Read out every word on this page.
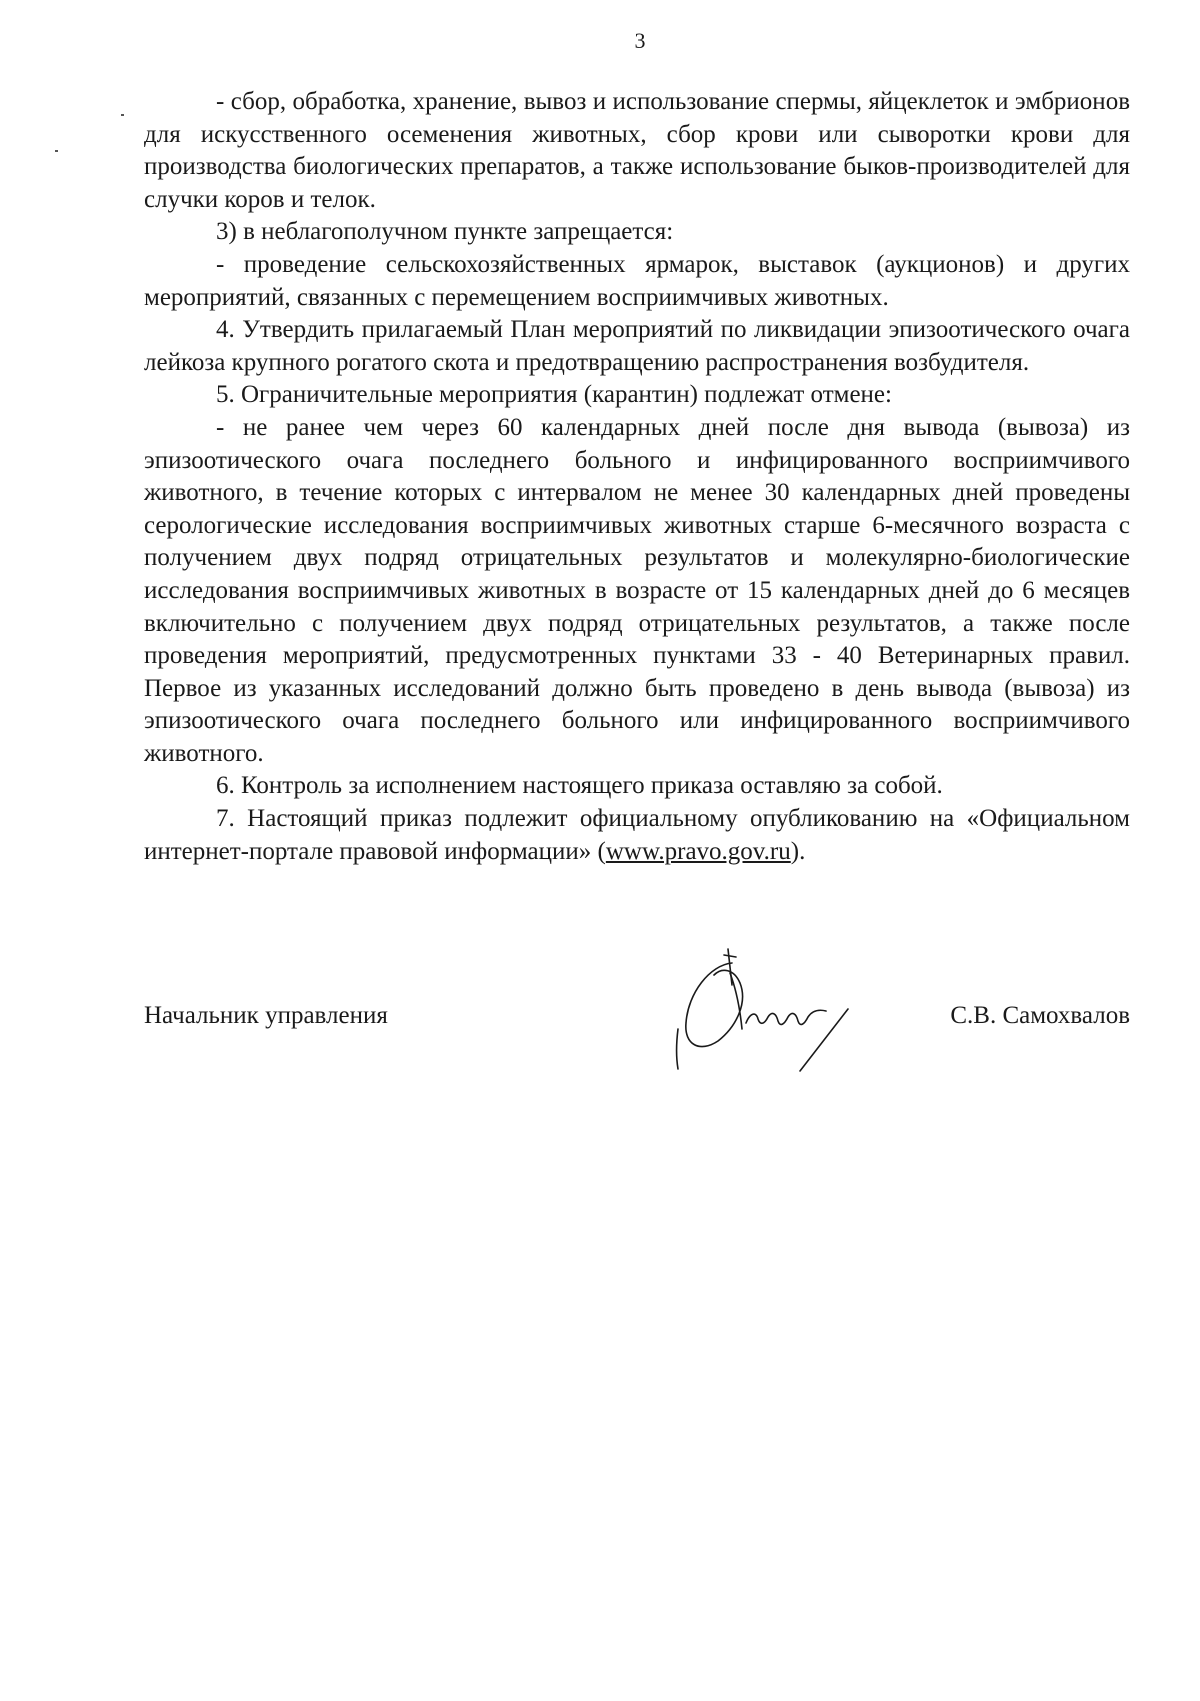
3

- сбор, обработка, хранение, вывоз и использование спермы, яйцеклеток и эмбрионов для искусственного осеменения животных, сбор крови или сыворотки крови для производства биологических препаратов, а также использование быков-производителей для случки коров и телок.

3) в неблагополучном пункте запрещается:

- проведение сельскохозяйственных ярмарок, выставок (аукционов) и других мероприятий, связанных с перемещением восприимчивых животных.

4. Утвердить прилагаемый План мероприятий по ликвидации эпизоотического очага лейкоза крупного рогатого скота и предотвращению распространения возбудителя.

5. Ограничительные мероприятия (карантин) подлежат отмене:

- не ранее чем через 60 календарных дней после дня вывода (вывоза) из эпизоотического очага последнего больного и инфицированного восприимчивого животного, в течение которых с интервалом не менее 30 календарных дней проведены серологические исследования восприимчивых животных старше 6-месячного возраста с получением двух подряд отрицательных результатов и молекулярно-биологические исследования восприимчивых животных в возрасте от 15 календарных дней до 6 месяцев включительно с получением двух подряд отрицательных результатов, а также после проведения мероприятий, предусмотренных пунктами 33 - 40 Ветеринарных правил. Первое из указанных исследований должно быть проведено в день вывода (вывоза) из эпизоотического очага последнего больного или инфицированного восприимчивого животного.

6. Контроль за исполнением настоящего приказа оставляю за собой.

7. Настоящий приказ подлежит официальному опубликованию на «Официальном интернет-портале правовой информации» (www.pravo.gov.ru).

Начальник управления	С.В. Самохвалов
